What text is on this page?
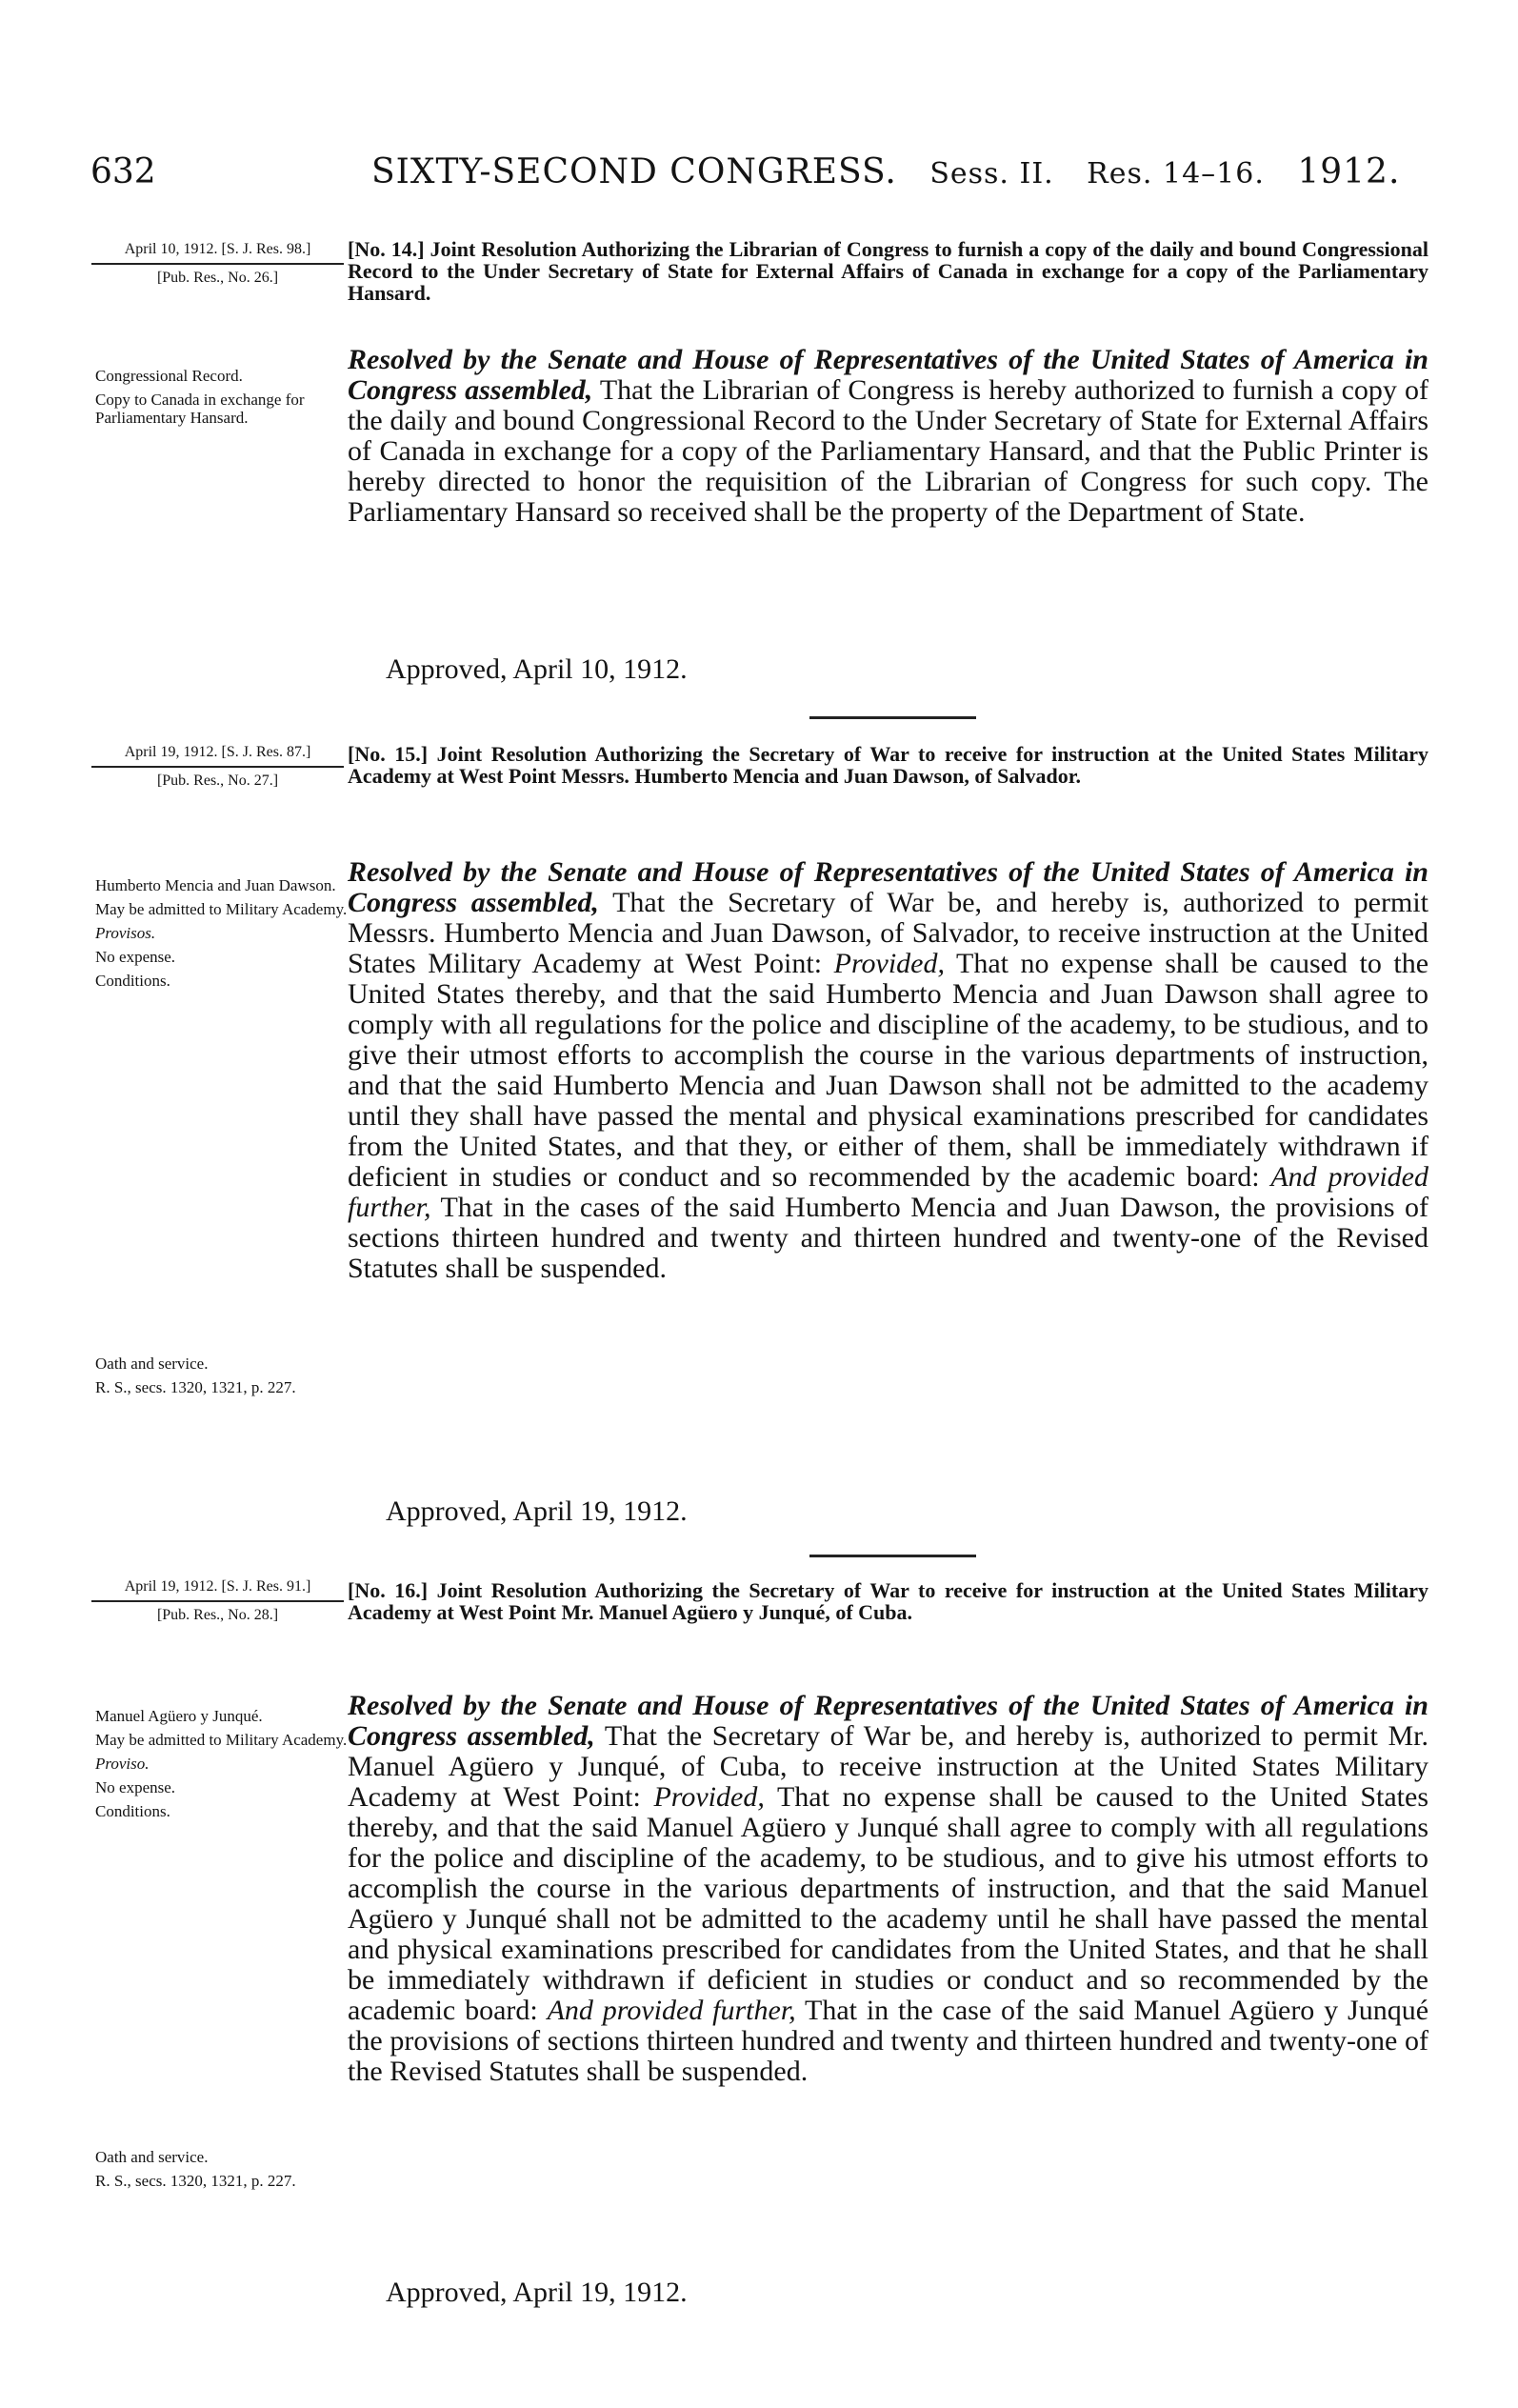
632	SIXTY-SECOND CONGRESS. Sess. II. Res. 14–16. 1912.
April 10, 1912. [S. J. Res. 98.]
[Pub. Res., No. 26.]
[No. 14.] Joint Resolution Authorizing the Librarian of Congress to furnish a copy of the daily and bound Congressional Record to the Under Secretary of State for External Affairs of Canada in exchange for a copy of the Parliamentary Hansard.
Congressional Record.
Copy to Canada in exchange for Parliamentary Hansard.
Resolved by the Senate and House of Representatives of the United States of America in Congress assembled, That the Librarian of Congress is hereby authorized to furnish a copy of the daily and bound Congressional Record to the Under Secretary of State for External Affairs of Canada in exchange for a copy of the Parliamentary Hansard, and that the Public Printer is hereby directed to honor the requisition of the Librarian of Congress for such copy. The Parliamentary Hansard so received shall be the property of the Department of State.
Approved, April 10, 1912.
April 19, 1912. [S. J. Res. 87.]
[Pub. Res., No. 27.]
[No. 15.] Joint Resolution Authorizing the Secretary of War to receive for instruction at the United States Military Academy at West Point Messrs. Humberto Mencia and Juan Dawson, of Salvador.
Humberto Mencia and Juan Dawson.
May be admitted to Military Academy.
Provisos.
No expense.
Conditions.
Oath and service.
R. S., secs. 1320, 1321, p. 227.
Resolved by the Senate and House of Representatives of the United States of America in Congress assembled, That the Secretary of War be, and hereby is, authorized to permit Messrs. Humberto Mencia and Juan Dawson, of Salvador, to receive instruction at the United States Military Academy at West Point: Provided, That no expense shall be caused to the United States thereby, and that the said Humberto Mencia and Juan Dawson shall agree to comply with all regulations for the police and discipline of the academy, to be studious, and to give their utmost efforts to accomplish the course in the various departments of instruction, and that the said Humberto Mencia and Juan Dawson shall not be admitted to the academy until they shall have passed the mental and physical examinations prescribed for candidates from the United States, and that they, or either of them, shall be immediately withdrawn if deficient in studies or conduct and so recommended by the academic board: And provided further, That in the cases of the said Humberto Mencia and Juan Dawson, the provisions of sections thirteen hundred and twenty and thirteen hundred and twenty-one of the Revised Statutes shall be suspended.
Approved, April 19, 1912.
April 19, 1912. [S. J. Res. 91.]
[Pub. Res., No. 28.]
[No. 16.] Joint Resolution Authorizing the Secretary of War to receive for instruction at the United States Military Academy at West Point Mr. Manuel Agüero y Junqué, of Cuba.
Manuel Agüero y Junqué.
May be admitted to Military Academy.
Proviso.
No expense.
Conditions.
Oath and service.
R. S., secs. 1320, 1321, p. 227.
Resolved by the Senate and House of Representatives of the United States of America in Congress assembled, That the Secretary of War be, and hereby is, authorized to permit Mr. Manuel Agüero y Junqué, of Cuba, to receive instruction at the United States Military Academy at West Point: Provided, That no expense shall be caused to the United States thereby, and that the said Manuel Agüero y Junqué shall agree to comply with all regulations for the police and discipline of the academy, to be studious, and to give his utmost efforts to accomplish the course in the various departments of instruction, and that the said Manuel Agüero y Junqué shall not be admitted to the academy until he shall have passed the mental and physical examinations prescribed for candidates from the United States, and that he shall be immediately withdrawn if deficient in studies or conduct and so recommended by the academic board: And provided further, That in the case of the said Manuel Agüero y Junqué the provisions of sections thirteen hundred and twenty and thirteen hundred and twenty-one of the Revised Statutes shall be suspended.
Approved, April 19, 1912.
